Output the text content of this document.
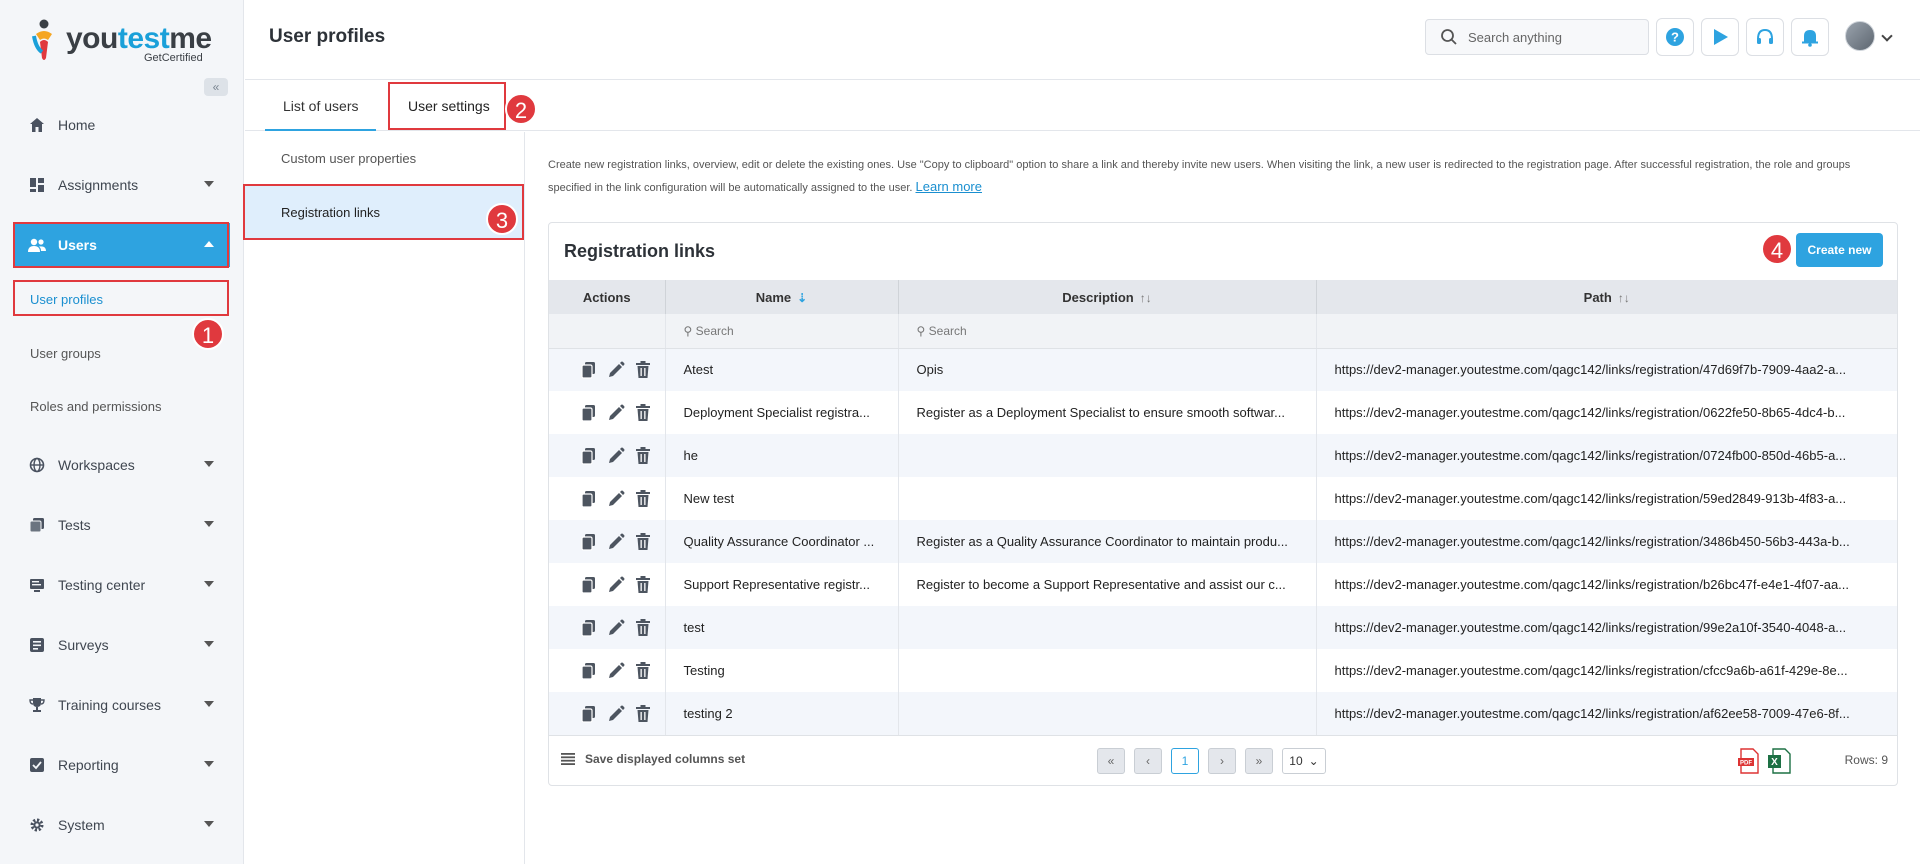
youtestme
GetCertified
«
Home
Assignments
Users
User profiles
1
User groups
Roles and permissions
Workspaces
Tests
Testing center
Surveys
Training courses
Reporting
System
User profiles	Search anything	?
List of users	User settings	2
Custom user properties
Registration links	3
Create new registration links, overview, edit or delete the existing ones. Use "Copy to clipboard" option to share a link and thereby invite new users. When visiting the link, a new user is redirected to the registration page. After successful registration, the role and groups specified in the link configuration will be automatically assigned to the user. Learn more
Registration links	4	Create new
Actions	Name ⇣	Description ↑↓	Path ↑↓
	⚲ Search	⚲ Search	

	Atest	Opis	https://dev2-manager.youtestme.com/qagc142/links/registration/47d69f7b-7909-4aa2-a...

	Deployment Specialist registra...	Register as a Deployment Specialist to ensure smooth softwar...	https://dev2-manager.youtestme.com/qagc142/links/registration/0622fe50-8b65-4dc4-b...

	he		https://dev2-manager.youtestme.com/qagc142/links/registration/0724fb00-850d-46b5-a...

	New test		https://dev2-manager.youtestme.com/qagc142/links/registration/59ed2849-913b-4f83-a...

	Quality Assurance Coordinator ...	Register as a Quality Assurance Coordinator to maintain produ...	https://dev2-manager.youtestme.com/qagc142/links/registration/3486b450-56b3-443a-b...

	Support Representative registr...	Register to become a Support Representative and assist our c...	https://dev2-manager.youtestme.com/qagc142/links/registration/b26bc47f-e4e1-4f07-aa...

	test		https://dev2-manager.youtestme.com/qagc142/links/registration/99e2a10f-3540-4048-a...

	Testing		https://dev2-manager.youtestme.com/qagc142/links/registration/cfcc9a6b-a61f-429e-8e...

	testing 2		https://dev2-manager.youtestme.com/qagc142/links/registration/af62ee58-7009-47e6-8f...
Save displayed columns set	«	‹	1	›	» 10 ⌄	PDF X	Rows: 9
